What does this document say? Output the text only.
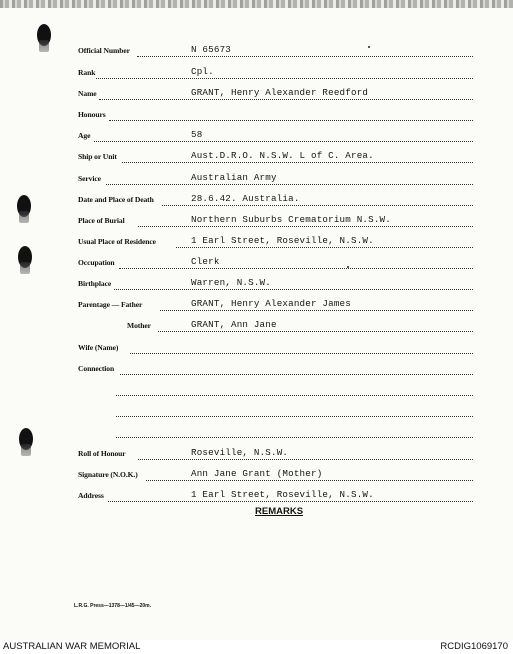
Official Number	N 65673
Rank	Cpl.
Name	GRANT, Henry Alexander Reedford
Honours
Age	58
Ship or Unit	Aust.D.R.O. N.S.W. L of C. Area.
Service	Australian Army
Date and Place of Death	28.6.42. Australia.
Place of Burial	Northern Suburbs Crematorium N.S.W.
Usual Place of Residence	1 Earl Street, Roseville, N.S.W.
Occupation	Clerk
Birthplace	Warren, N.S.W.
Parentage — Father	GRANT, Henry Alexander James
Mother	GRANT, Ann Jane
Wife (Name)
Connection
Roll of Honour	Roseville, N.S.W.
Signature (N.O.K.)	Ann Jane Grant (Mother)
Address	1 Earl Street, Roseville, N.S.W.
REMARKS
L.R.G. Press—1378—1/45—20m.
AUSTRALIAN WAR MEMORIAL	RCDIG1069170
